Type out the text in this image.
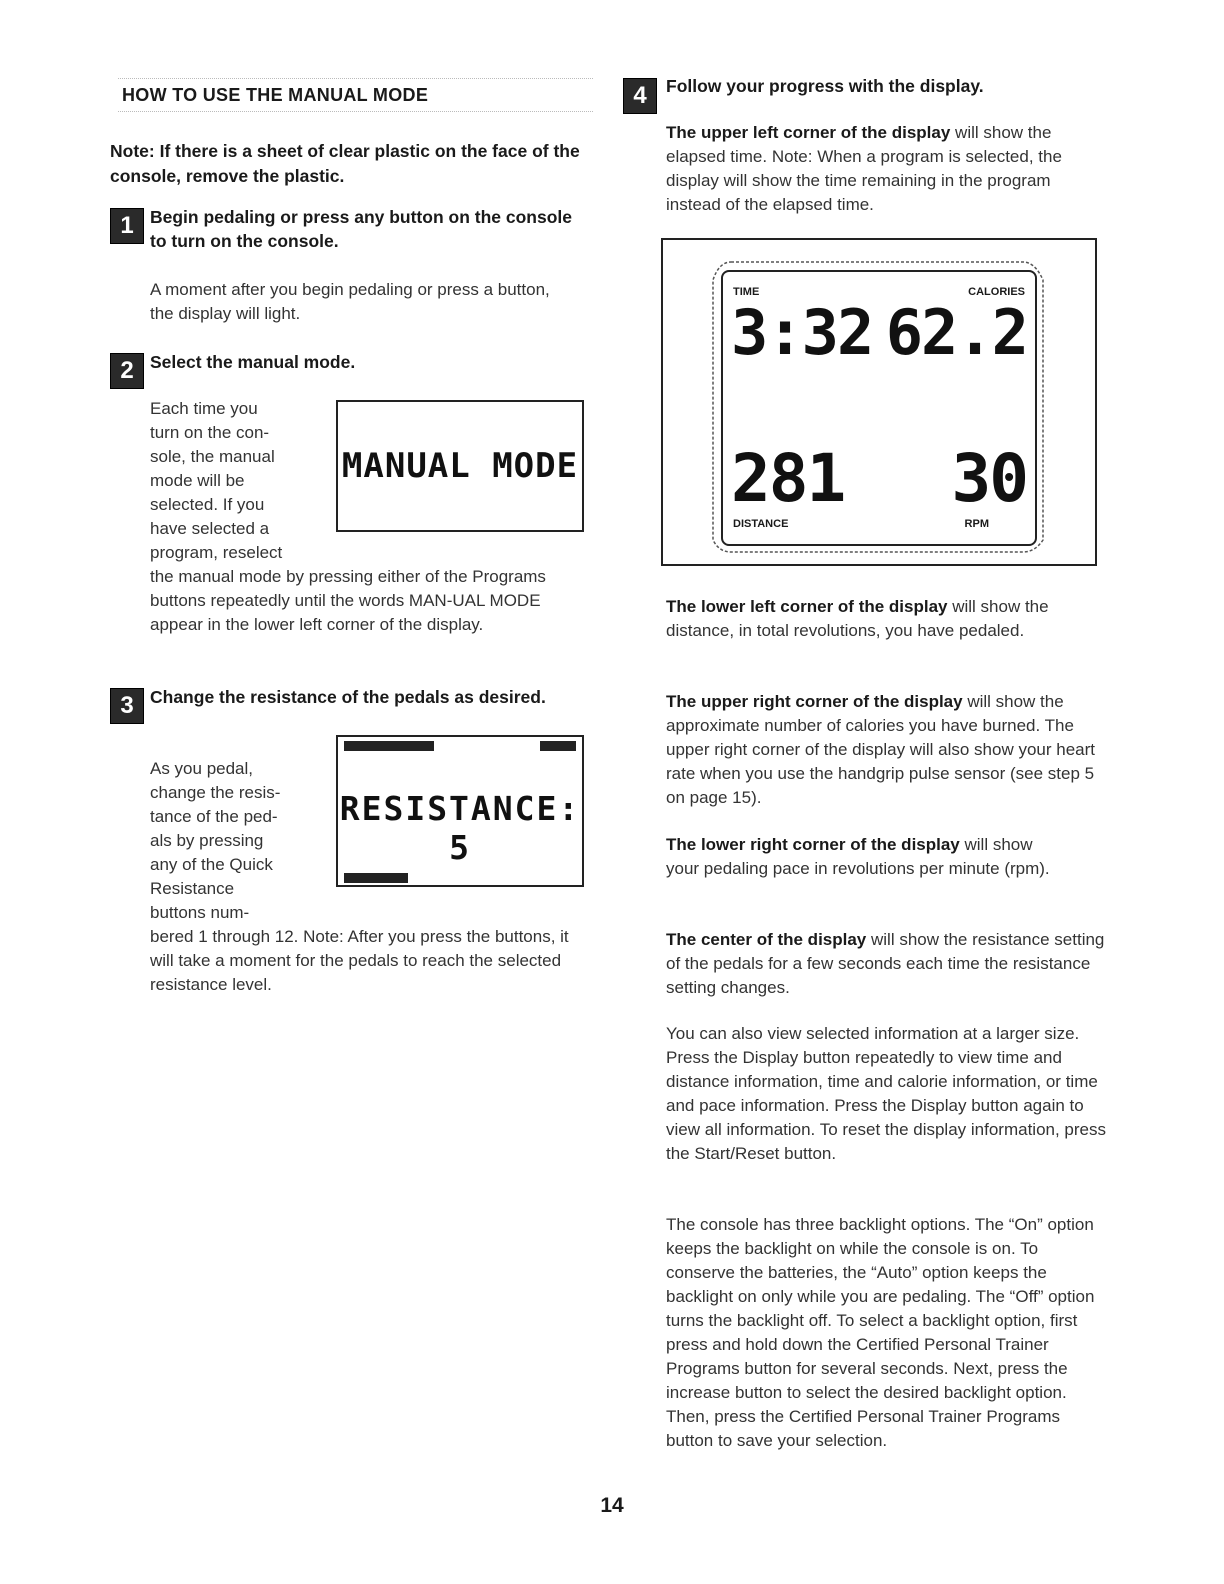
HOW TO USE THE MANUAL MODE
Note: If there is a sheet of clear plastic on the face of the console, remove the plastic.
1 Begin pedaling or press any button on the console to turn on the console.
A moment after you begin pedaling or press a button, the display will light.
2 Select the manual mode.
Each time you
turn on the con-
sole, the manual
mode will be
selected. If you
have selected a
program, reselect
the manual mode by pressing either of the Programs buttons repeatedly until the words MAN-UAL MODE appear in the lower left corner of the display.
MANUAL MODE
3 Change the resistance of the pedals as desired.
As you pedal,
change the resis-
tance of the ped-
als by pressing
any of the Quick
Resistance
buttons num-
bered 1 through 12. Note: After you press the buttons, it will take a moment for the pedals to reach the selected resistance level.
RESISTANCE: 5
4	Follow your progress with the display.
The upper left corner of the display will show the elapsed time. Note: When a program is selected, the display will show the time remaining in the program instead of the elapsed time.
TIME	CALORIES
3:32 62.2
281 30
DISTANCE	RPM
The lower left corner of the display will show the distance, in total revolutions, you have pedaled.
The upper right corner of the display will show the approximate number of calories you have burned. The upper right corner of the display will also show your heart rate when you use the handgrip pulse sensor (see step 5 on page 15).
The lower right corner of the display will show your pedaling pace in revolutions per minute (rpm).
The center of the display will show the resistance setting of the pedals for a few seconds each time the resistance setting changes.
You can also view selected information at a larger size. Press the Display button repeatedly to view time and distance information, time and calorie information, or time and pace information. Press the Display button again to view all information. To reset the display information, press the Start/Reset button.
The console has three backlight options. The “On” option keeps the backlight on while the console is on. To conserve the batteries, the “Auto” option keeps the backlight on only while you are pedaling. The “Off” option turns the backlight off. To select a backlight option, first press and hold down the Certified Personal Trainer Programs button for several seconds. Next, press the increase button to select the desired backlight option. Then, press the Certified Personal Trainer Programs button to save your selection.
14
